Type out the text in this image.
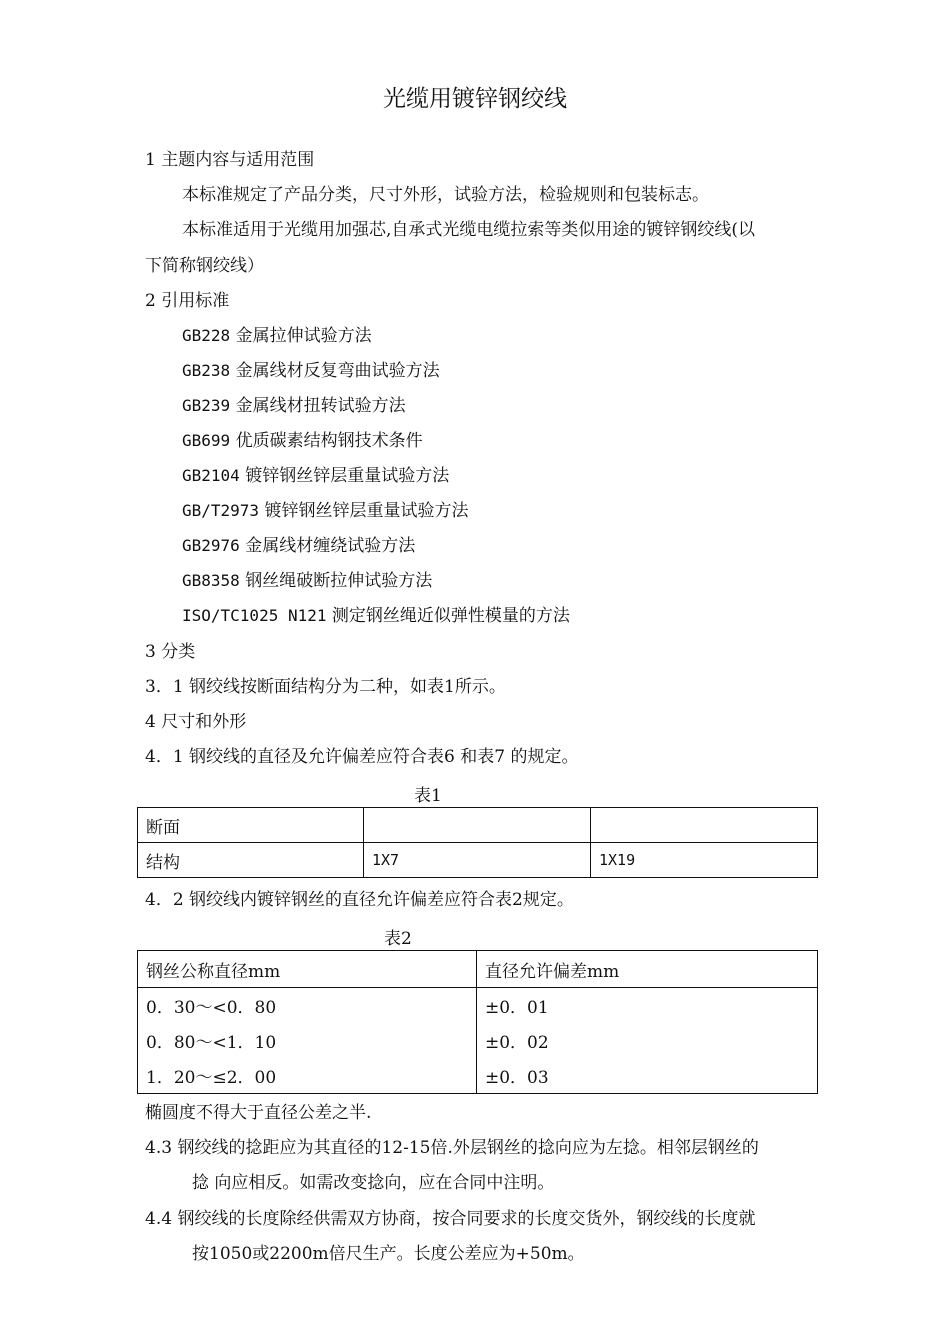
光缆用镀锌钢绞线
1 主题内容与适用范围
本标准规定了产品分类，尺寸外形，试验方法，检验规则和包装标志。
本标准适用于光缆用加强芯,自承式光缆电缆拉索等类似用途的镀锌钢绞线(以
下简称钢绞线）
2 引用标准
GB228 金属拉伸试验方法
GB238 金属线材反复弯曲试验方法
GB239 金属线材扭转试验方法
GB699 优质碳素结构钢技术条件
GB2104 镀锌钢丝锌层重量试验方法
GB/T2973 镀锌钢丝锌层重量试验方法
GB2976 金属线材缠绕试验方法
GB8358 钢丝绳破断拉伸试验方法
ISO/TC1025 N121 测定钢丝绳近似弹性模量的方法
3 分类
3．1 钢绞线按断面结构分为二种，如表1所示。
4 尺寸和外形
4．1 钢绞线的直径及允许偏差应符合表6 和表7 的规定。
表1
断面		
结构	1X7	1X19
4．2 钢绞线内镀锌钢丝的直径允许偏差应符合表2规定。
表2
钢丝公称直径mm	直径允许偏差mm
0．30～<0．80	±0．01
0．80～<1．10	±0．02
1．20～≤2．00	±0．03
椭圆度不得大于直径公差之半.
4.3 钢绞线的捻距应为其直径的12-15倍.外层钢丝的捻向应为左捻。相邻层钢丝的
捻 向应相反。如需改变捻向，应在合同中注明。
4.4 钢绞线的长度除经供需双方协商，按合同要求的长度交货外，钢绞线的长度就
按1050或2200m倍尺生产。长度公差应为+50m。
